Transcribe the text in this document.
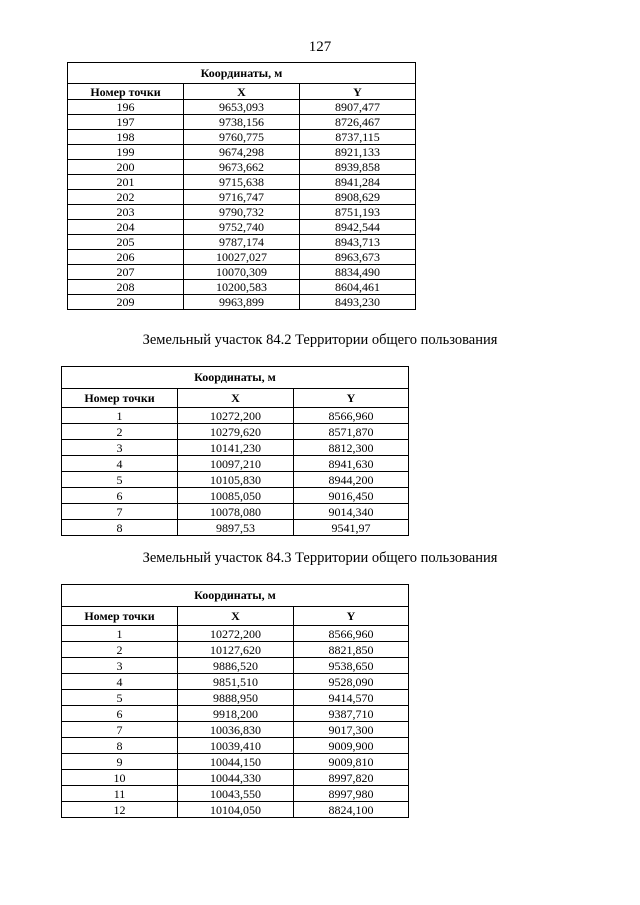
127
Координаты, м		
Номер точки	X	Y
196	9653,093	8907,477
197	9738,156	8726,467
198	9760,775	8737,115
199	9674,298	8921,133
200	9673,662	8939,858
201	9715,638	8941,284
202	9716,747	8908,629
203	9790,732	8751,193
204	9752,740	8942,544
205	9787,174	8943,713
206	10027,027	8963,673
207	10070,309	8834,490
208	10200,583	8604,461
209	9963,899	8493,230
Земельный участок 84.2 Территории общего пользования
Координаты, м		
Номер точки	X	Y
1	10272,200	8566,960
2	10279,620	8571,870
3	10141,230	8812,300
4	10097,210	8941,630
5	10105,830	8944,200
6	10085,050	9016,450
7	10078,080	9014,340
8	9897,53	9541,97
Земельный участок 84.3 Территории общего пользования
Координаты, м		
Номер точки	X	Y
1	10272,200	8566,960
2	10127,620	8821,850
3	9886,520	9538,650
4	9851,510	9528,090
5	9888,950	9414,570
6	9918,200	9387,710
7	10036,830	9017,300
8	10039,410	9009,900
9	10044,150	9009,810
10	10044,330	8997,820
11	10043,550	8997,980
12	10104,050	8824,100
